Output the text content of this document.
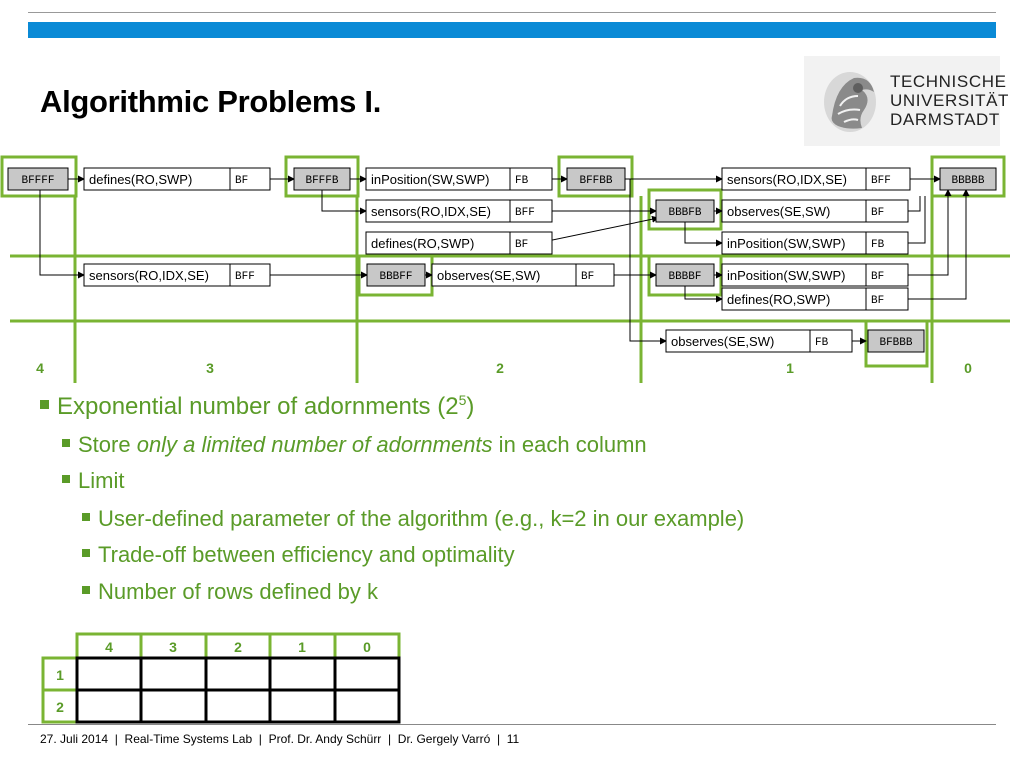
Algorithmic Problems I.
TECHNISCHE
UNIVERSITÄT
DARMSTADT
BFFFF	BFFFB	BFFBB	BBBBB
BBBFB
BBBFF	BBBBF
BFBBB
defines(RO,SWP)	inPosition(SW,SWP)
sensors(RO,IDX,SE)
sensors(RO,IDX,SE)	observes(SE,SW)
defines(RO,SWP)	inPosition(SW,SWP)
sensors(RO,IDX,SE)
observes(SE,SW)
inPosition(SW,SWP)
defines(RO,SWP)
observes(SE,SW)
BF	FB
BFF
BFF	BF
BF	FB
BFF
BF
BF
BF
FB
4	3	2	1	0
4	3	2	1	0
1
2
Exponential number of adornments $(2^5)$
Store only a limited number of adornments in each column
Limit
User-defined parameter of the algorithm (e.g., k=2 in our example)
Trade-off between efficiency and optimality
Number of rows defined by k
27. Juli 2014 | Real-Time Systems Lab | Prof. Dr. Andy Schürr | Dr. Gergely Varró | 11
